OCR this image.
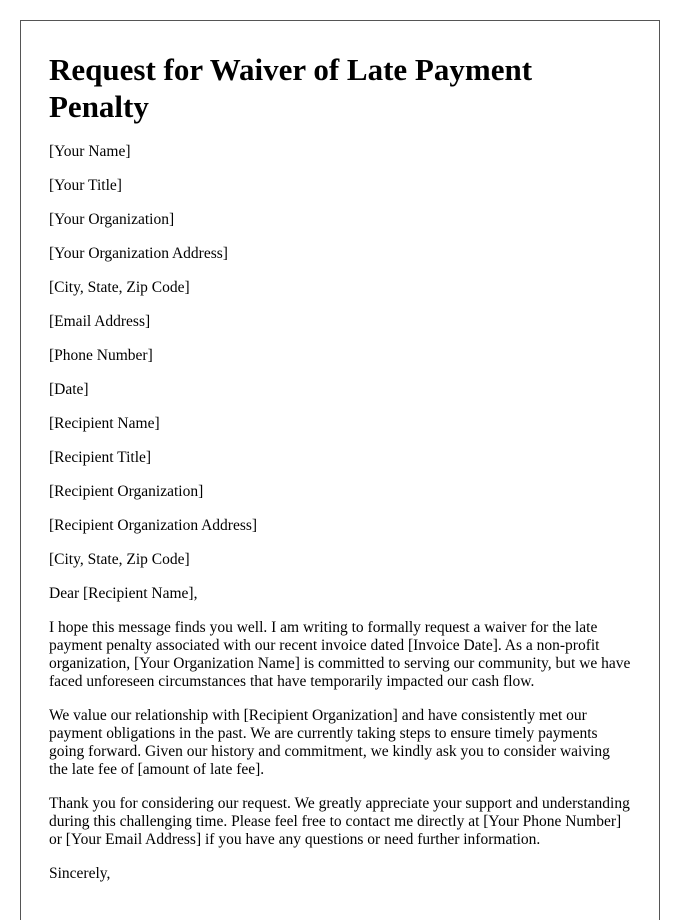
Request for Waiver of Late Payment Penalty
[Your Name]
[Your Title]
[Your Organization]
[Your Organization Address]
[City, State, Zip Code]
[Email Address]
[Phone Number]
[Date]
[Recipient Name]
[Recipient Title]
[Recipient Organization]
[Recipient Organization Address]
[City, State, Zip Code]
Dear [Recipient Name],

I hope this message finds you well. I am writing to formally request a waiver for the late payment penalty associated with our recent invoice dated [Invoice Date]. As a non-profit organization, [Your Organization Name] is committed to serving our community, but we have faced unforeseen circumstances that have temporarily impacted our cash flow.

We value our relationship with [Recipient Organization] and have consistently met our payment obligations in the past. We are currently taking steps to ensure timely payments going forward. Given our history and commitment, we kindly ask you to consider waiving the late fee of [amount of late fee].

Thank you for considering our request. We greatly appreciate your support and understanding during this challenging time. Please feel free to contact me directly at [Your Phone Number] or [Your Email Address] if you have any questions or need further information.

Sincerely,
